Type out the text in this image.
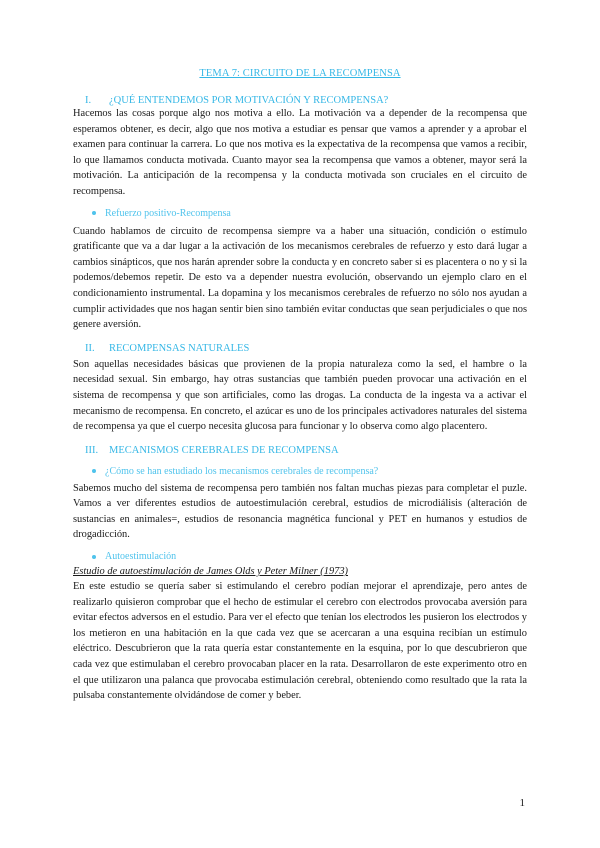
TEMA 7: CIRCUITO DE LA RECOMPENSA
I.	¿QUÉ ENTENDEMOS POR MOTIVACIÓN Y RECOMPENSA?

Hacemos las cosas porque algo nos motiva a ello. La motivación va a depender de la recompensa que esperamos obtener, es decir, algo que nos motiva a estudiar es pensar que vamos a aprender y a aprobar el examen para continuar la carrera. Lo que nos motiva es la expectativa de la recompensa que vamos a recibir, lo que llamamos conducta motivada. Cuanto mayor sea la recompensa que vamos a obtener, mayor será la motivación. La anticipación de la recompensa y la conducta motivada son cruciales en el circuito de recompensa.

Refuerzo positivo-Recompensa

Cuando hablamos de circuito de recompensa siempre va a haber una situación, condición o estímulo gratificante que va a dar lugar a la activación de los mecanismos cerebrales de refuerzo y esto dará lugar a cambios sinápticos, que nos harán aprender sobre la conducta y en concreto saber si es placentera o no y si la podemos/debemos repetir. De esto va a depender nuestra evolución, observando un ejemplo claro en el condicionamiento instrumental. La dopamina y los mecanismos cerebrales de refuerzo no sólo nos ayudan a cumplir actividades que nos hagan sentir bien sino también evitar conductas que sean perjudiciales o que nos genere aversión.

II.	RECOMPENSAS NATURALES

Son aquellas necesidades básicas que provienen de la propia naturaleza como la sed, el hambre o la necesidad sexual. Sin embargo, hay otras sustancias que también pueden provocar una activación en el sistema de recompensa y que son artificiales, como las drogas. La conducta de la ingesta va a activar el mecanismo de recompensa. En concreto, el azúcar es uno de los principales activadores naturales del sistema de recompensa ya que el cuerpo necesita glucosa para funcionar y lo observa como algo placentero.

III.	MECANISMOS CEREBRALES DE RECOMPENSA
¿Cómo se han estudiado los mecanismos cerebrales de recompensa?

Sabemos mucho del sistema de recompensa pero también nos faltan muchas piezas para completar el puzle. Vamos a ver diferentes estudios de autoestimulación cerebral, estudios de microdiálisis (alteración de sustancias en animales=, estudios de resonancia magnética funcional y PET en humanos y estudios de drogadicción.

Autoestimulación
Estudio de autoestimulación de James Olds y Peter Milner (1973)

En este estudio se quería saber si estimulando el cerebro podían mejorar el aprendizaje, pero antes de realizarlo quisieron comprobar que el hecho de estimular el cerebro con electrodos provocaba aversión para evitar efectos adversos en el estudio. Para ver el efecto que tenían los electrodos les pusieron los electrodos y los metieron en una habitación en la que cada vez que se acercaran a una esquina recibían un estímulo eléctrico. Descubrieron que la rata quería estar constantemente en la esquina, por lo que descubrieron que cada vez que estimulaban el cerebro provocaban placer en la rata. Desarrollaron de este experimento otro en el que utilizaron una palanca que provocaba estimulación cerebral, obteniendo como resultado que la rata la pulsaba constantemente olvidándose de comer y beber.

1
